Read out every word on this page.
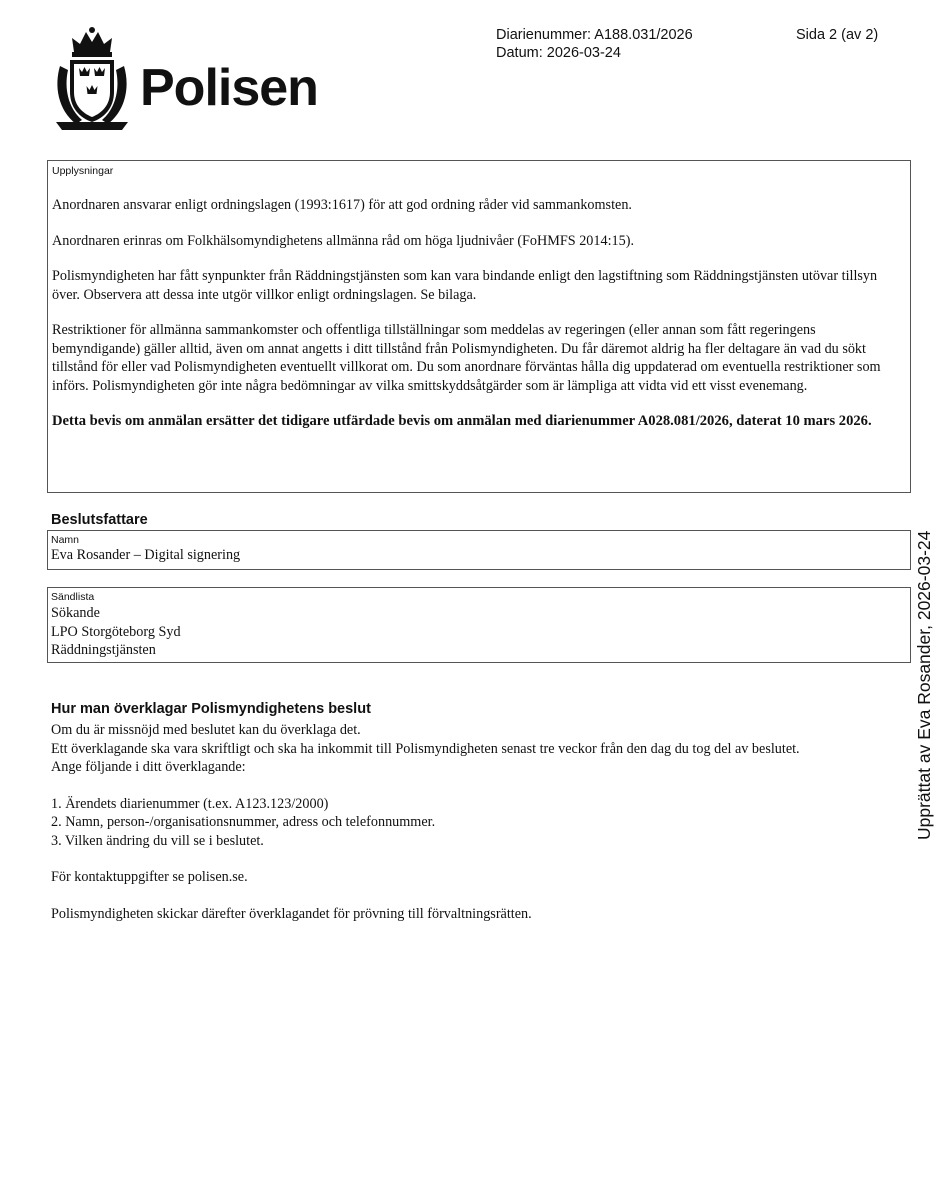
Polisen
Diarienummer: A188.031/2026
Datum: 2026-03-24
Sida 2 (av 2)
Upplysningar

Anordnaren ansvarar enligt ordningslagen (1993:1617) för att god ordning råder vid sammankomsten.

Anordnaren erinras om Folkhälsomyndighetens allmänna råd om höga ljudnivåer (FoHMFS 2014:15).

Polismyndigheten har fått synpunkter från Räddningstjänsten som kan vara bindande enligt den lagstiftning som Räddningstjänsten utövar tillsyn över. Observera att dessa inte utgör villkor enligt ordningslagen. Se bilaga.

Restriktioner för allmänna sammankomster och offentliga tillställningar som meddelas av regeringen (eller annan som fått regeringens bemyndigande) gäller alltid, även om annat angetts i ditt tillstånd från Polismyndigheten. Du får däremot aldrig ha fler deltagare än vad du sökt tillstånd för eller vad Polismyndigheten eventuellt villkorat om. Du som anordnare förväntas hålla dig uppdaterad om eventuella restriktioner som införs. Polismyndigheten gör inte några bedömningar av vilka smittskyddsåtgärder som är lämpliga att vidta vid ett visst evenemang.

Detta bevis om anmälan ersätter det tidigare utfärdade bevis om anmälan med diarienummer A028.081/2026, daterat 10 mars 2026.

Beslutsfattare
Namn
Eva Rosander – Digital signering
Sändlista
Sökande
LPO Storgöteborg Syd
Räddningstjänsten
Hur man överklagar Polismyndighetens beslut
Om du är missnöjd med beslutet kan du överklaga det.
Ett överklagande ska vara skriftligt och ska ha inkommit till Polismyndigheten senast tre veckor från den dag du tog del av beslutet.
Ange följande i ditt överklagande:
1. Ärendets diarienummer (t.ex. A123.123/2000)
2. Namn, person-/organisationsnummer, adress och telefonnummer.
3. Vilken ändring du vill se i beslutet.
För kontaktuppgifter se polisen.se.
Polismyndigheten skickar därefter överklagandet för prövning till förvaltningsrätten.
Upprättat av Eva Rosander, 2026-03-24
